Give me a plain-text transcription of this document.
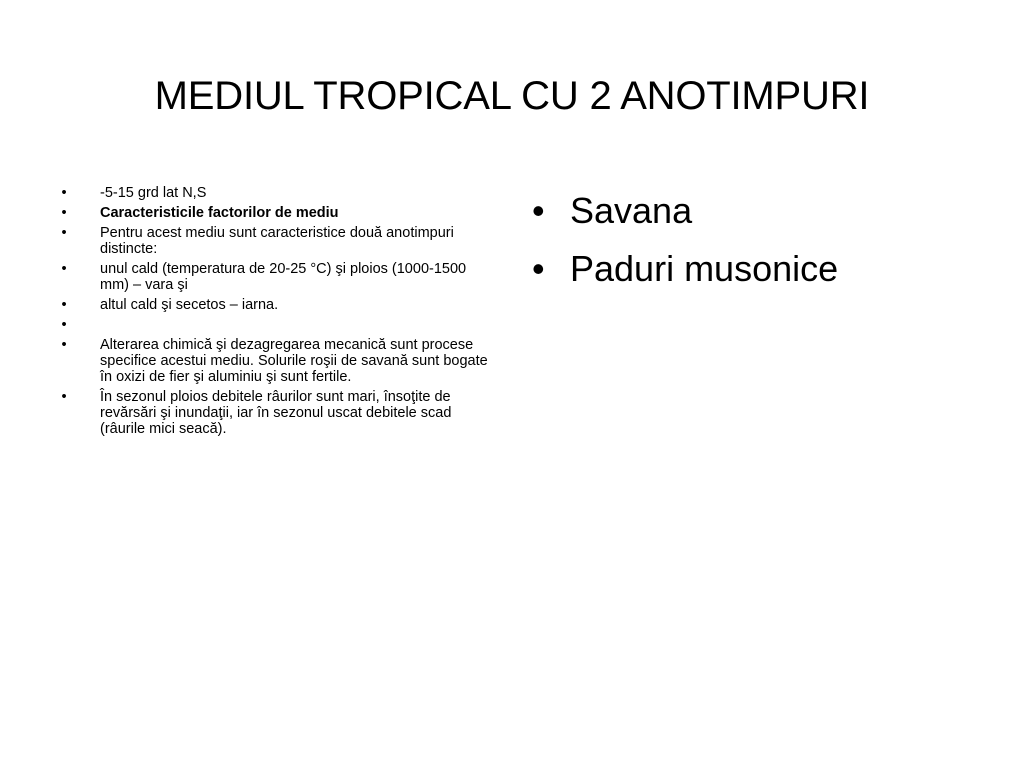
MEDIUL TROPICAL CU 2 ANOTIMPURI
• -5-15 grd lat N,S
• Caracteristicile factorilor de mediu
• Pentru acest mediu sunt caracteristice două anotimpuri distincte:
• unul cald (temperatura de 20-25 °C) şi ploios (1000-1500 mm) – vara şi
• altul cald şi secetos – iarna.
•
• Alterarea chimică şi dezagregarea mecanică sunt procese specifice acestui mediu. Solurile roşii de savană sunt bogate în oxizi de fier şi aluminiu şi sunt fertile.
• În sezonul ploios debitele râurilor sunt mari, însoţite de revărsări şi inundaţii, iar în sezonul uscat debitele scad (râurile mici seacă).
• Savana
• Paduri musonice
